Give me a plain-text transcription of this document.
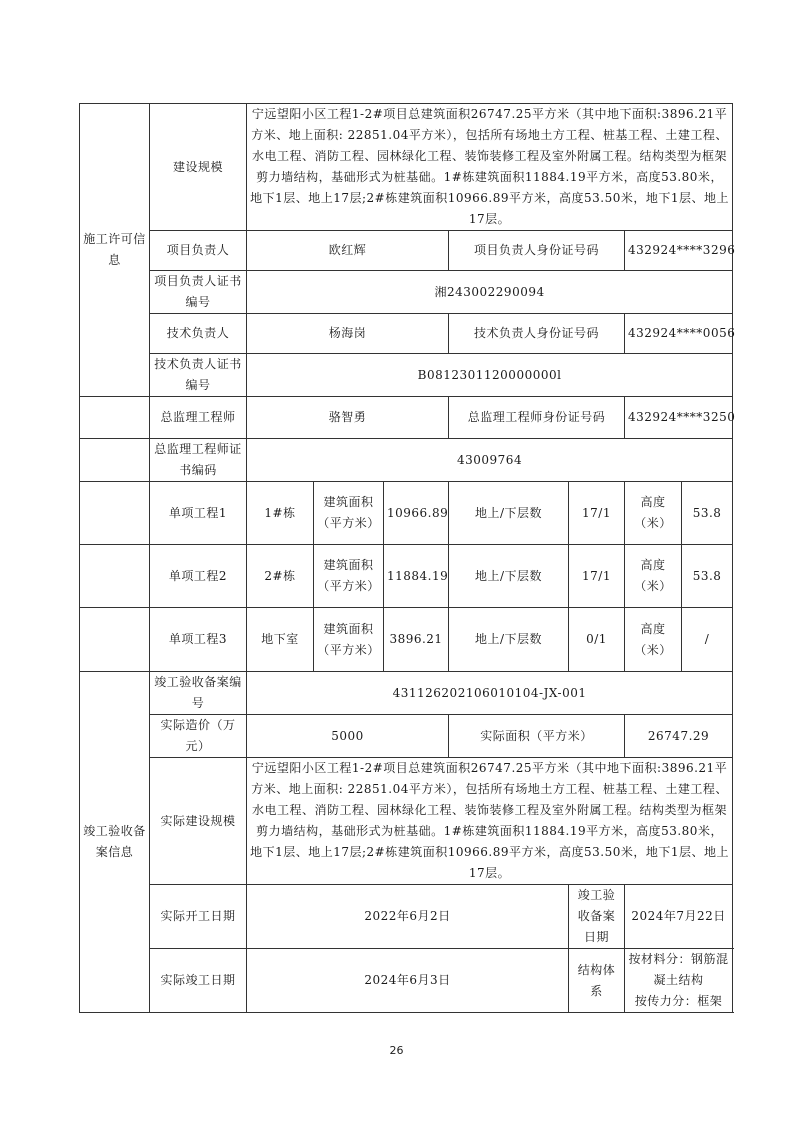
施工许可信息	建设规模	宁远望阳小区工程1-2#项目总建筑面积26747.25平方米（其中地下面积:3896.21平方米、地上面积: 22851.04平方米），包括所有场地土方工程、桩基工程、土建工程、水电工程、消防工程、园林绿化工程、装饰装修工程及室外附属工程。结构类型为框架剪力墙结构，基础形式为桩基础。1#栋建筑面积11884.19平方米，高度53.80米，地下1层、地上17层;2#栋建筑面积10966.89平方米，高度53.50米，地下1层、地上17层。						
	项目负责人	欧红辉			项目负责人身份证号码		432924****3296	
	项目负责人证书编号	湘243002290094						
	技术负责人	杨海岗			技术负责人身份证号码		432924****0056	
	技术负责人证书编号	B0812301120000000l						
	总监理工程师	骆智勇			总监理工程师身份证号码		432924****3250	
	总监理工程师证书编码	43009764						
	单项工程1	1#栋	建筑面积（平方米）	10966.89	地上/下层数	17/1	高度（米）	53.8
	单项工程2	2#栋	建筑面积（平方米）	11884.19	地上/下层数	17/1	高度（米）	53.8
	单项工程3	地下室	建筑面积（平方米）	3896.21	地上/下层数	0/1	高度（米）	/
竣工验收备案信息	竣工验收备案编号	431126202106010104-JX-001						
	实际造价（万元）	5000			实际面积（平方米）		26747.29	
	实际建设规模	宁远望阳小区工程1-2#项目总建筑面积26747.25平方米（其中地下面积:3896.21平方米、地上面积: 22851.04平方米），包括所有场地土方工程、桩基工程、土建工程、水电工程、消防工程、园林绿化工程、装饰装修工程及室外附属工程。结构类型为框架剪力墙结构，基础形式为桩基础。1#栋建筑面积11884.19平方米，高度53.80米，地下1层、地上17层;2#栋建筑面积10966.89平方米，高度53.50米，地下1层、地上17层。						
	实际开工日期	2022年6月2日				竣工验收备案日期	2024年7月22日	
	实际竣工日期	2024年6月3日				结构体系	按材料分：钢筋混凝土结构
按传力分：框架	
26
